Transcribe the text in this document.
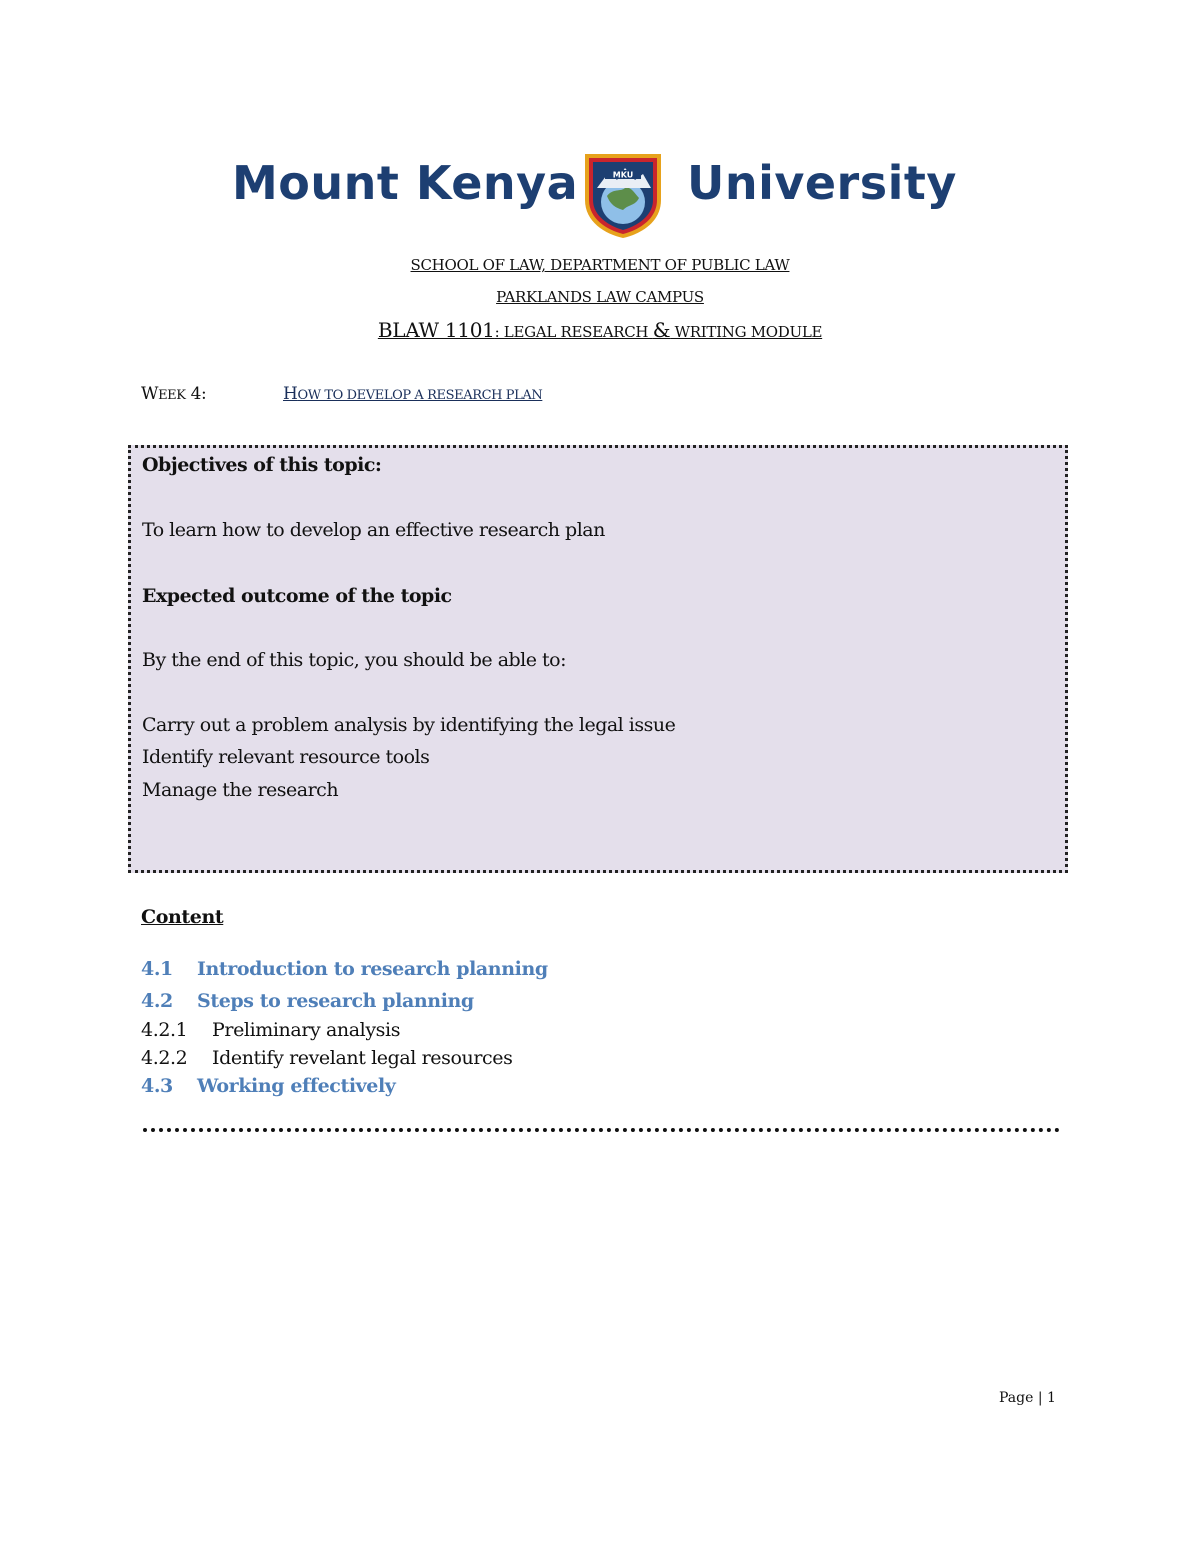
Mount Kenya	MKU University
SCHOOL OF LAW, DEPARTMENT OF PUBLIC LAW
PARKLANDS LAW CAMPUS
BLAW 1101: LEGAL RESEARCH & WRITING MODULE
WEEK 4:	HOW TO DEVELOP A RESEARCH PLAN
Objectives of this topic:
To learn how to develop an effective research plan
Expected outcome of the topic
By the end of this topic, you should be able to:
Carry out a problem analysis by identifying the legal issue
Identify relevant resource tools
Manage the research
Content
4.1 Introduction to research planning
4.2 Steps to research planning
4.2.1 Preliminary analysis
4.2.2 Identify revelant legal resources
4.3 Working effectively
Page | 1
